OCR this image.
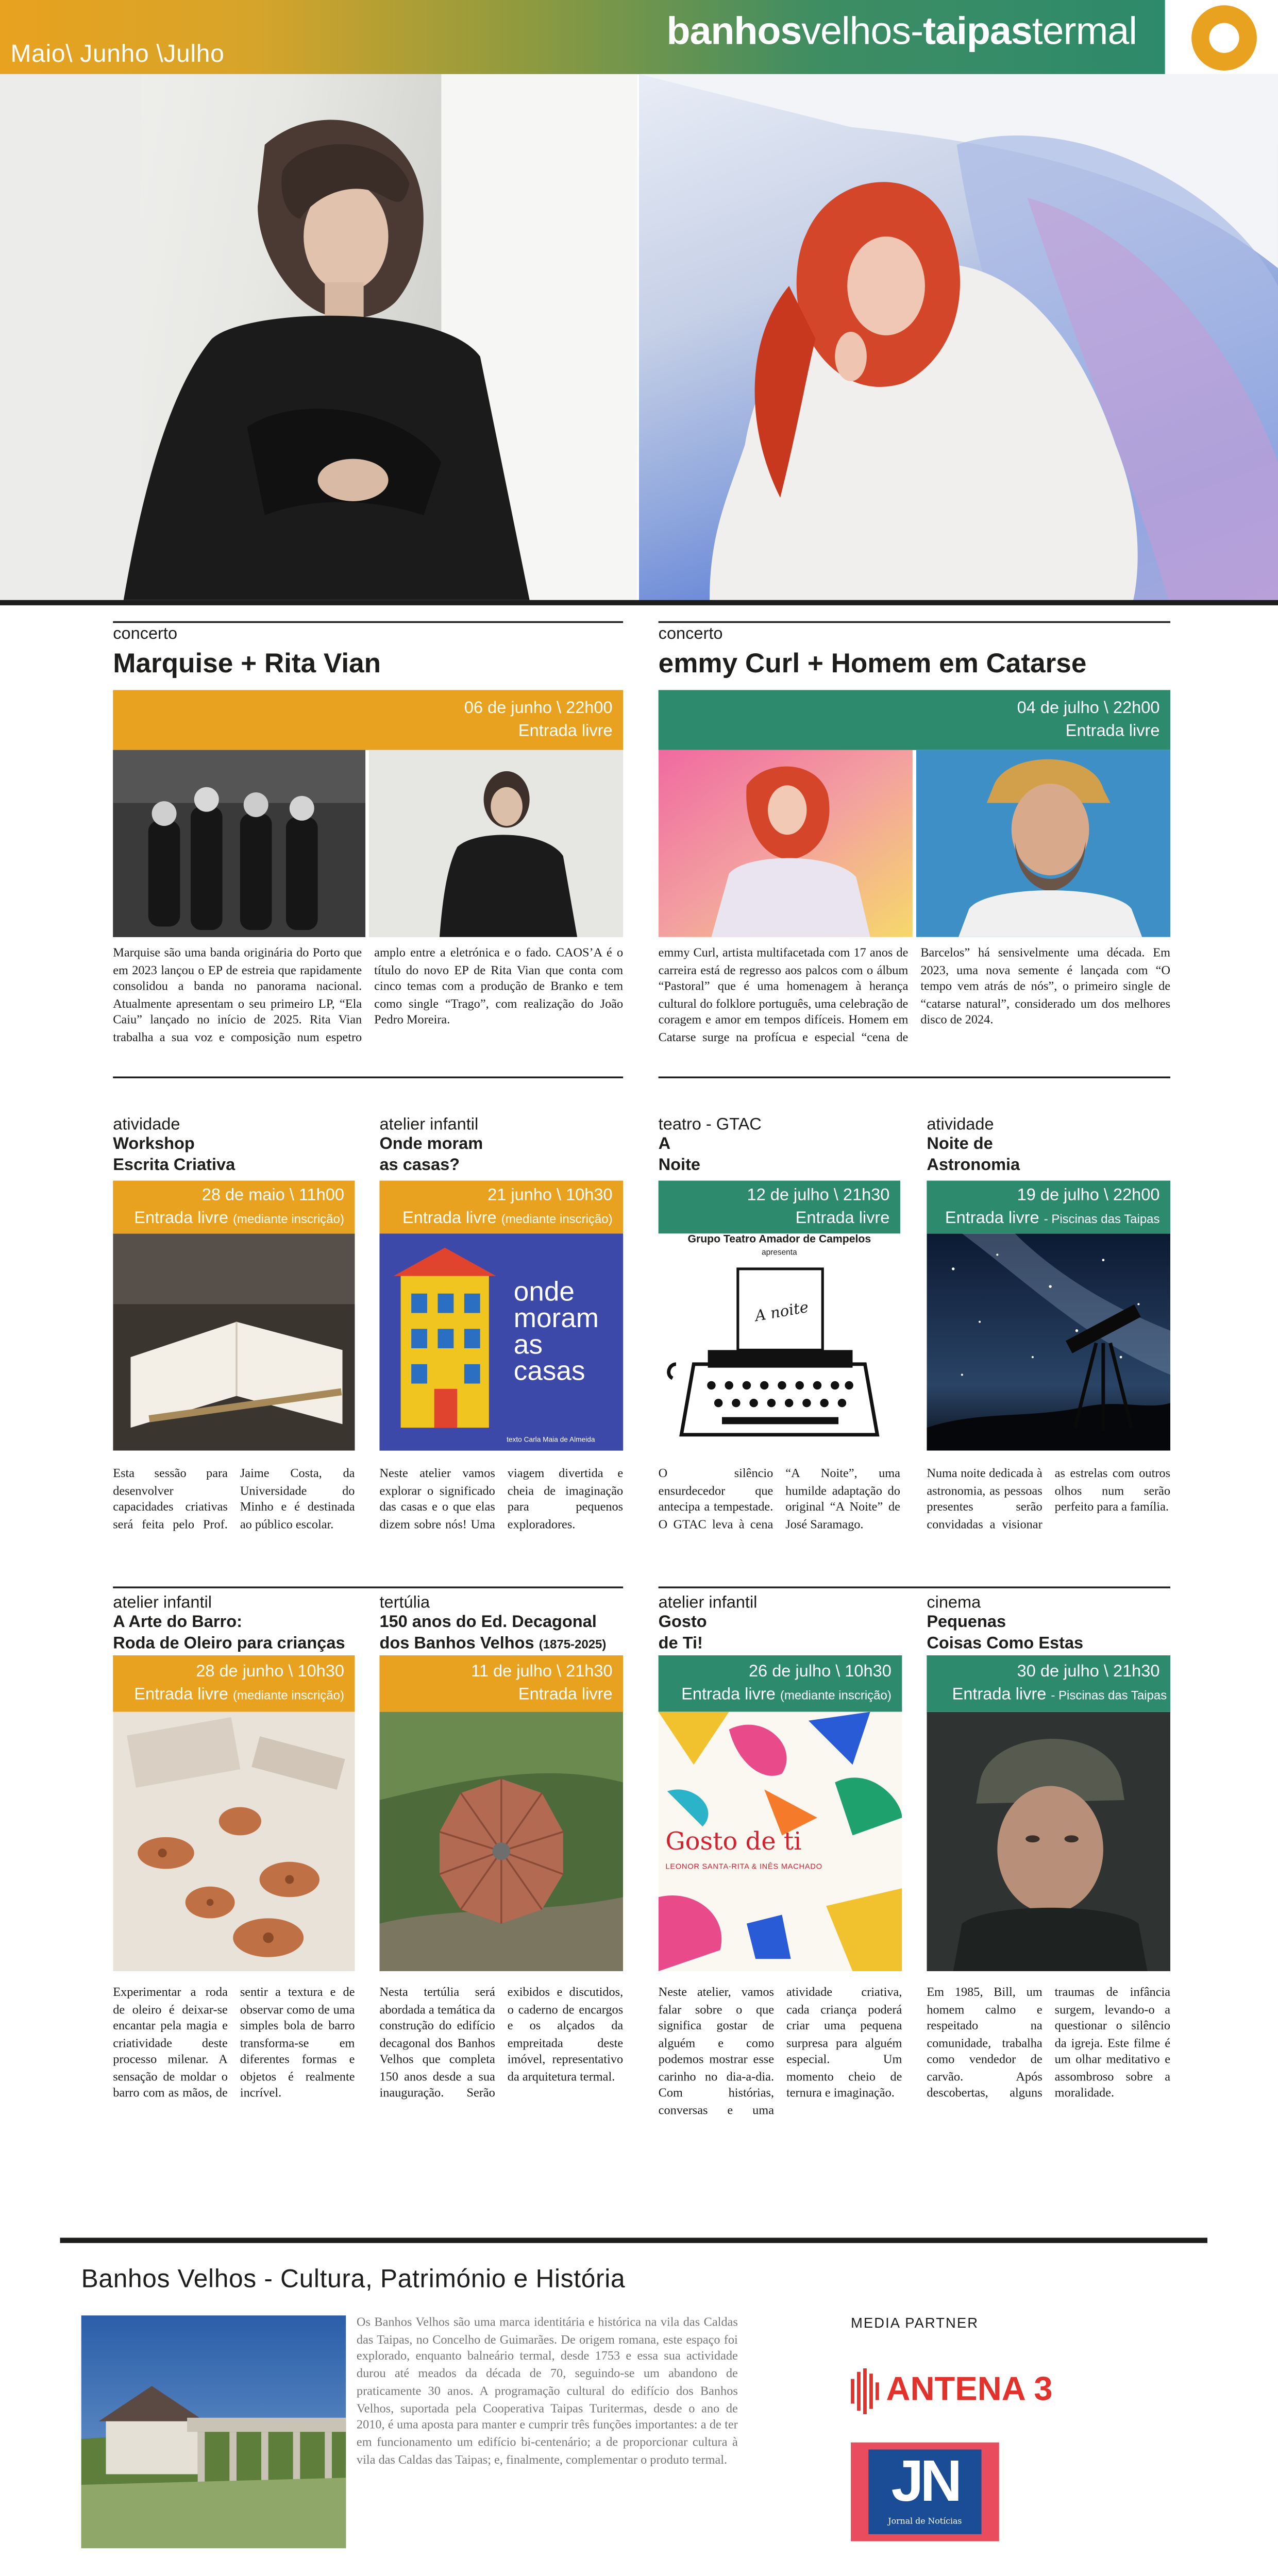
Maio\ Junho \Julho
banhosvelhos-taipastermal
concerto
Marquise + Rita Vian
06 de junho \ 22h00
Entrada livre
Marquise são uma banda originária do Porto que em 2023 lançou o EP de estreia que rapidamente consolidou a banda no panorama nacional. Atualmente apresentam o seu primeiro LP, “Ela Caiu” lançado no início de 2025. Rita Vian trabalha a sua voz e composição num espetro amplo entre a eletrónica e o fado. CAOS’A é o título do novo EP de Rita Vian que conta com cinco temas com a produção de Branko e tem como single “Trago”, com realização do João Pedro Moreira.
concerto
emmy Curl + Homem em Catarse
04 de julho \ 22h00
Entrada livre
emmy Curl, artista multifacetada com 17 anos de carreira está de regresso aos palcos com o álbum “Pastoral” que é uma homenagem à herança cultural do folklore português, uma celebração de coragem e amor em tempos difíceis. Homem em Catarse surge na profícua e especial “cena de Barcelos” há sensivelmente uma década. Em 2023, uma nova semente é lançada com “O tempo vem atrás de nós”, o primeiro single de “catarse natural”, considerado um dos melhores disco de 2024.
atividade
Workshop
Escrita Criativa
28 de maio \ 11h00
Entrada livre (mediante inscrição)
Esta sessão para desenvolver capacidades criativas será feita pelo Prof. Jaime Costa, da Universidade do Minho e é destinada ao público escolar.
atelier infantil
Onde moram
as casas?
21 junho \ 10h30
Entrada livre (mediante inscrição)
onde
moram
as
casas
texto Carla Maia de Almeida
Neste atelier vamos explorar o significado das casas e o que elas dizem sobre nós! Uma viagem divertida e cheia de imaginação para pequenos exploradores.
teatro - GTAC
A
Noite
12 de julho \ 21h30
Entrada livre
Grupo Teatro Amador de Campelos
apresenta
A noite
O silêncio ensurdecedor que antecipa a tempestade. O GTAC leva à cena “A Noite”, uma humilde adaptação do original “A Noite” de José Saramago.
atividade
Noite de
Astronomia
19 de julho \ 22h00
Entrada livre - Piscinas das Taipas
Numa noite dedicada à astronomia, as pessoas presentes serão convidadas a visionar as estrelas com outros olhos num serão perfeito para a família.
atelier infantil
A Arte do Barro:
Roda de Oleiro para crianças
28 de junho \ 10h30
Entrada livre (mediante inscrição)
Experimentar a roda de oleiro é deixar-se encantar pela magia e criatividade deste processo milenar. A sensação de moldar o barro com as mãos, de sentir a textura e de observar como de uma simples bola de barro transforma-se em diferentes formas e objetos é realmente incrível.
tertúlia
150 anos do Ed. Decagonal
dos Banhos Velhos (1875-2025)
11 de julho \ 21h30
Entrada livre
Nesta tertúlia será abordada a temática da construção do edifício decagonal dos Banhos Velhos que completa 150 anos desde a sua inauguração. Serão exibidos e discutidos, o caderno de encargos e os alçados da empreitada deste imóvel, representativo da arquitetura termal.
atelier infantil
Gosto
de Ti!
26 de julho \ 10h30
Entrada livre (mediante inscrição)
Gosto de ti
LEONOR SANTA-RITA & INÊS MACHADO
Neste atelier, vamos falar sobre o que significa gostar de alguém e como podemos mostrar esse carinho no dia-a-dia. Com histórias, conversas e uma atividade criativa, cada criança poderá criar uma pequena surpresa para alguém especial. Um momento cheio de ternura e imaginação.
cinema
Pequenas
Coisas Como Estas
30 de julho \ 21h30
Entrada livre - Piscinas das Taipas
Em 1985, Bill, um homem calmo e respeitado na comunidade, trabalha como vendedor de carvão. Após descobertas, alguns traumas de infância surgem, levando-o a questionar o silêncio da igreja. Este filme é um olhar meditativo e assombroso sobre a moralidade.
Banhos Velhos - Cultura, Património e História
Os Banhos Velhos são uma marca identitária e histórica na vila das Caldas das Taipas, no Concelho de Guimarães. De origem romana, este espaço foi explorado, enquanto balneário termal, desde 1753 e essa sua actividade durou até meados da década de 70, seguindo-se um abandono de praticamente 30 anos. A programação cultural do edifício dos Banhos Velhos, suportada pela Cooperativa Taipas Turitermas, desde o ano de 2010, é uma aposta para manter e cumprir três funções importantes: a de ter em funcionamento um edifício bi-centenário; a de proporcionar cultura à vila das Caldas das Taipas; e, finalmente, complementar o produto termal.
MEDIA PARTNER
ANTENA 3
JN
Jornal de Notícias
